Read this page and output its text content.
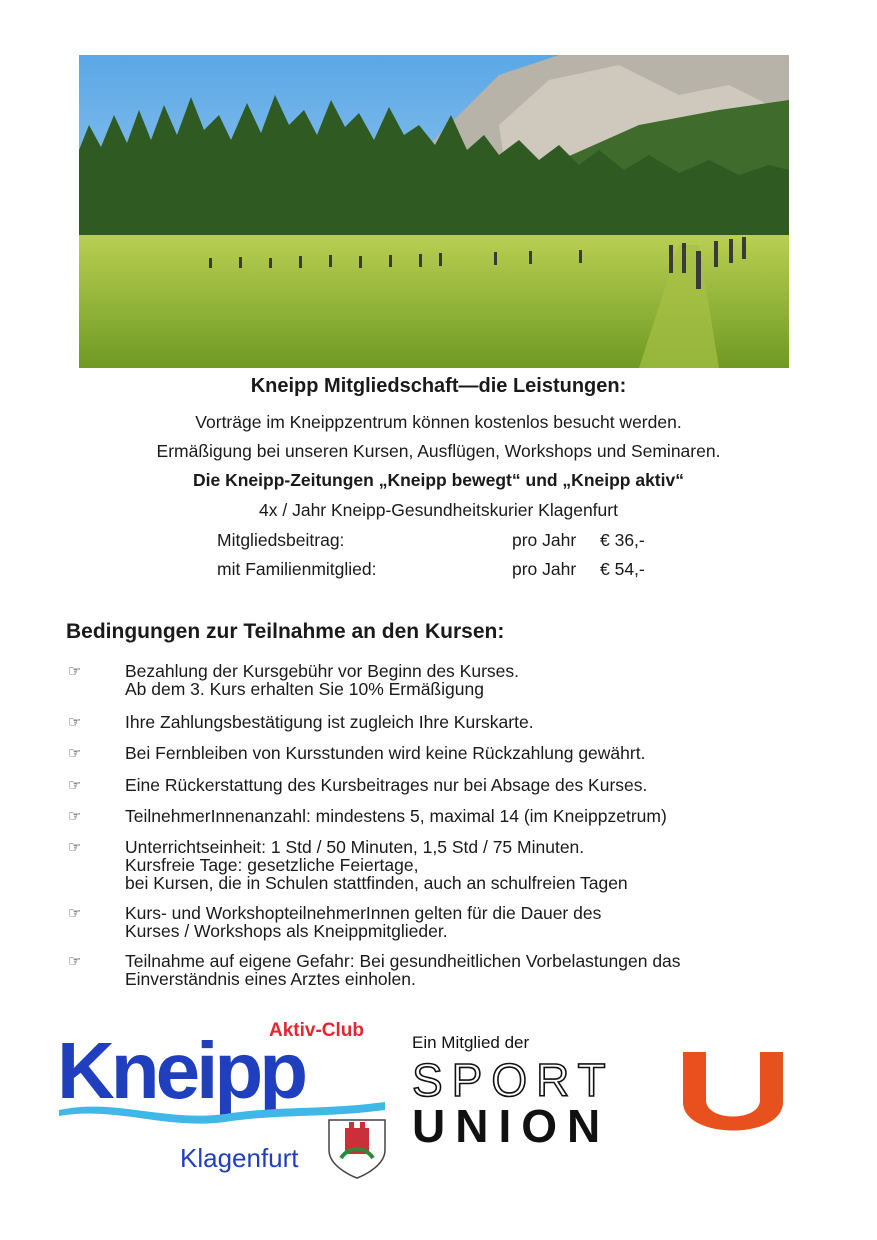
Kneipp Mitgliedschaft—die Leistungen:
Vorträge im Kneippzentrum können kostenlos besucht werden.
Ermäßigung bei unseren Kursen, Ausflügen, Workshops und Seminaren.
Die Kneipp-Zeitungen „Kneipp bewegt“ und „Kneipp aktiv“
4x / Jahr Kneipp-Gesundheitskurier Klagenfurt
Mitgliedsbeitrag:	pro Jahr € 36,-
mit Familienmitglied:	pro Jahr € 54,-
Bedingungen zur Teilnahme an den Kursen:
☞ Bezahlung der Kursgebühr vor Beginn des Kurses.
Ab dem 3. Kurs erhalten Sie 10% Ermäßigung
☞ Ihre Zahlungsbestätigung ist zugleich Ihre Kurskarte.
☞ Bei Fernbleiben von Kursstunden wird keine Rückzahlung gewährt.
☞ Eine Rückerstattung des Kursbeitrages nur bei Absage des Kurses.
☞ TeilnehmerInnenanzahl: mindestens 5, maximal 14 (im Kneippzetrum)
☞ Unterrichtseinheit: 1 Std / 50 Minuten, 1,5 Std / 75 Minuten.
Kursfreie Tage: gesetzliche Feiertage,
bei Kursen, die in Schulen stattfinden, auch an schulfreien Tagen
☞ Kurs- und WorkshopteilnehmerInnen gelten für die Dauer des
Kurses / Workshops als Kneippmitglieder.
☞ Teilnahme auf eigene Gefahr: Bei gesundheitlichen Vorbelastungen das
Einverständnis eines Arztes einholen.
Aktiv-Club
Kneipp
Klagenfurt
Ein Mitglied der
SPORT
UNION
